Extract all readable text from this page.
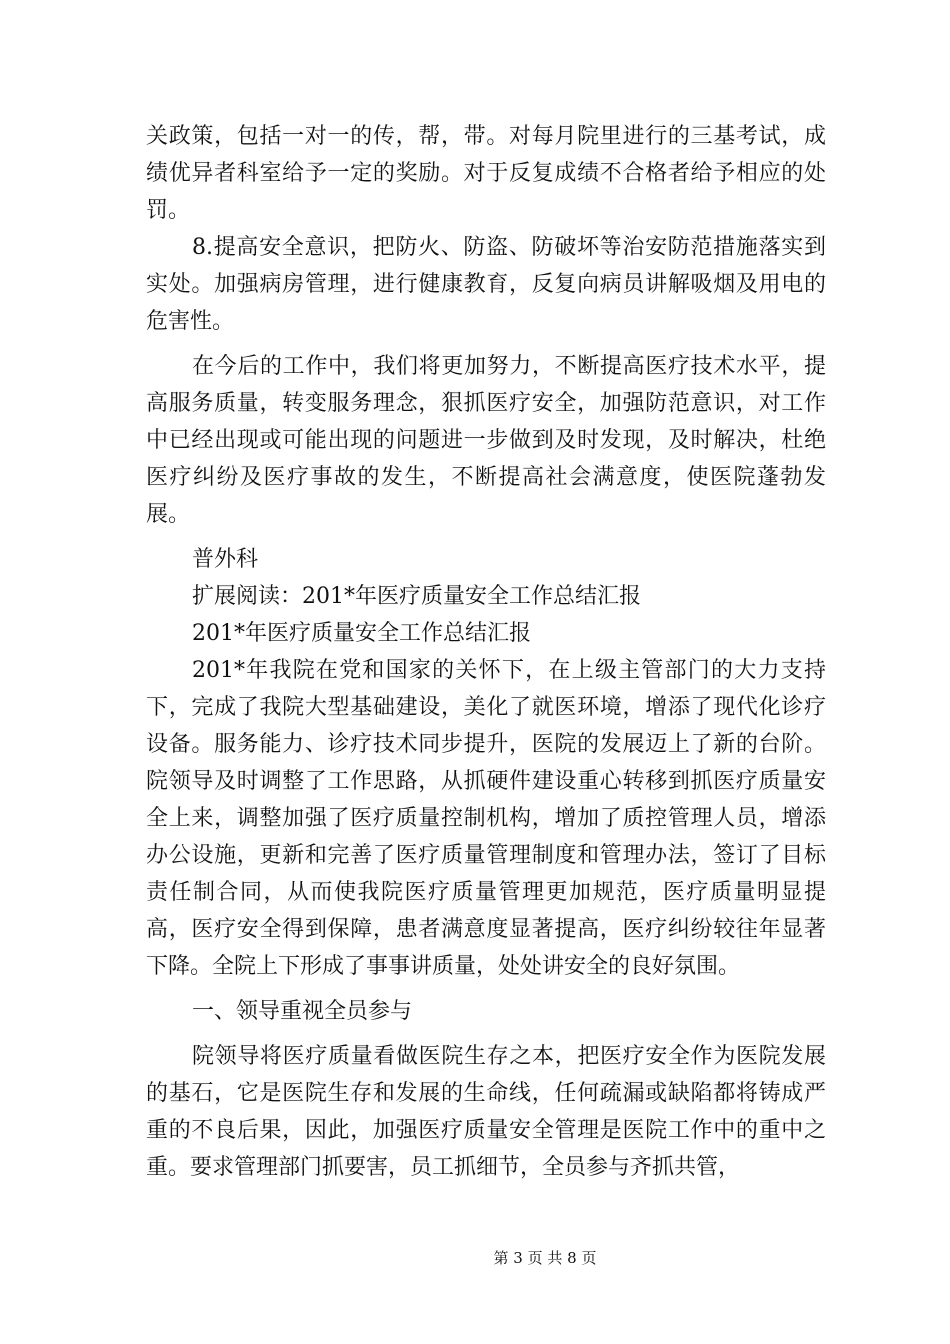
关政策，包括一对一的传，帮，带。对每月院里进行的三基考试，成绩优异者科室给予一定的奖励。对于反复成绩不合格者给予相应的处罚。

8.提高安全意识，把防火、防盗、防破坏等治安防范措施落实到实处。加强病房管理，进行健康教育，反复向病员讲解吸烟及用电的危害性。

在今后的工作中，我们将更加努力，不断提高医疗技术水平，提高服务质量，转变服务理念，狠抓医疗安全，加强防范意识，对工作中已经出现或可能出现的问题进一步做到及时发现，及时解决，杜绝医疗纠纷及医疗事故的发生，不断提高社会满意度，使医院蓬勃发展。

普外科

扩展阅读：201*年医疗质量安全工作总结汇报

201*年医疗质量安全工作总结汇报

201*年我院在党和国家的关怀下，在上级主管部门的大力支持下，完成了我院大型基础建设，美化了就医环境，增添了现代化诊疗设备。服务能力、诊疗技术同步提升，医院的发展迈上了新的台阶。院领导及时调整了工作思路，从抓硬件建设重心转移到抓医疗质量安全上来，调整加强了医疗质量控制机构，增加了质控管理人员，增添办公设施，更新和完善了医疗质量管理制度和管理办法，签订了目标责任制合同，从而使我院医疗质量管理更加规范，医疗质量明显提高，医疗安全得到保障，患者满意度显著提高，医疗纠纷较往年显著下降。全院上下形成了事事讲质量，处处讲安全的良好氛围。

一、领导重视全员参与

院领导将医疗质量看做医院生存之本，把医疗安全作为医院发展的基石，它是医院生存和发展的生命线，任何疏漏或缺陷都将铸成严重的不良后果，因此，加强医疗质量安全管理是医院工作中的重中之重。要求管理部门抓要害，员工抓细节，全员参与齐抓共管，

第 3 页 共 8 页
